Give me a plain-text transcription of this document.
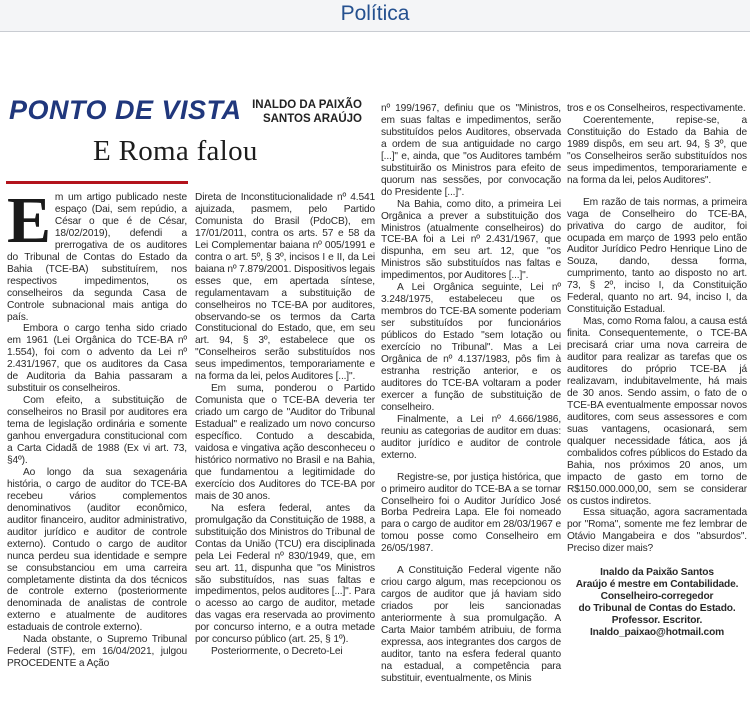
Política
PONTO DE VISTA INALDO DA PAIXÃO
SANTOS ARAÚJO
E Roma falou

Em um artigo publicado neste espaço (Dai, sem repúdio, a César o que é de César, 18/02/2019), defendi a prerrogativa de os auditores do Tribunal de Contas do Estado da Bahia (TCE-BA) substituírem, nos respectivos impedimentos, os conselheiros da segunda Casa de Controle subnacional mais antiga do país.

Embora o cargo tenha sido criado em 1961 (Lei Orgânica do TCE-BA nº 1.554), foi com o advento da Lei nº 2.431/1967, que os auditores da Casa de Auditoria da Bahia passaram a substituir os conselheiros.

Com efeito, a substituição de conselheiros no Brasil por auditores era tema de legislação ordinária e somente ganhou envergadura constitucional com a Carta Cidadã de 1988 (Ex vi art. 73, §4º).

Ao longo da sua sexagenária história, o cargo de auditor do TCE-BA recebeu vários complementos denominativos (auditor econômico, auditor financeiro, auditor administrativo, auditor jurídico e auditor de controle externo). Contudo o cargo de auditor nunca perdeu sua identidade e sempre se consubstanciou em uma carreira completamente distinta da dos técnicos de controle externo (posteriormente denominada de analistas de controle externo e atualmente de auditores estaduais de controle externo).

Nada obstante, o Supremo Tribunal Federal (STF), em 16/04/2021, julgou PROCEDENTE a Ação

Direta de Inconstitucionalidade nº 4.541 ajuizada, pasmem, pelo Partido Comunista do Brasil (PdoCB), em 17/01/2011, contra os arts. 57 e 58 da Lei Complementar baiana nº 005/1991 e contra o art. 5º, § 3º, incisos I e II, da Lei baiana nº 7.879/2001. Dispositivos legais esses que, em apertada síntese, regulamentavam a substituição de conselheiros no TCE-BA por auditores, observando-se os termos da Carta Constitucional do Estado, que, em seu art. 94, § 3º, estabelece que os "Conselheiros serão substituídos nos seus impedimentos, temporariamente e na forma da lei, pelos Auditores [...]".

Em suma, ponderou o Partido Comunista que o TCE-BA deveria ter criado um cargo de "Auditor do Tribunal Estadual" e realizado um novo concurso específico. Contudo a descabida, vaidosa e vingativa ação desconheceu o histórico normativo no Brasil e na Bahia, que fundamentou a legitimidade do exercício dos Auditores do TCE-BA por mais de 30 anos.

Na esfera federal, antes da promulgação da Constituição de 1988, a substituição dos Ministros do Tribunal de Contas da União (TCU) era disciplinada pela Lei Federal nº 830/1949, que, em seu art. 11, dispunha que "os Ministros são substituídos, nas suas faltas e impedimentos, pelos auditores [...]". Para o acesso ao cargo de auditor, metade das vagas era reservada ao provimento por concurso interno, e a outra metade por concurso público (art. 25, § 1º).

Posteriormente, o Decreto-Lei

nº 199/1967, definiu que os "Ministros, em suas faltas e impedimentos, serão substituídos pelos Auditores, observada a ordem de sua antiguidade no cargo [...]" e, ainda, que "os Auditores também substituirão os Ministros para efeito de quorum nas sessões, por convocação do Presidente [...]".

Na Bahia, como dito, a primeira Lei Orgânica a prever a substituição dos Ministros (atualmente conselheiros) do TCE-BA foi a Lei nº 2.431/1967, que dispunha, em seu art. 12, que "os Ministros são substituídos nas faltas e impedimentos, por Auditores [...]".

A Lei Orgânica seguinte, Lei nº 3.248/1975, estabeleceu que os membros do TCE-BA somente poderiam ser substituídos por funcionários públicos do Estado "sem lotação ou exercício no Tribunal". Mas a Lei Orgânica de nº 4.137/1983, pôs fim à estranha restrição anterior, e os auditores do TCE-BA voltaram a poder exercer a função de substituição de conselheiro.

Finalmente, a Lei nº 4.666/1986, reuniu as categorias de auditor em duas: auditor jurídico e auditor de controle externo.

Registre-se, por justiça histórica, que o primeiro auditor do TCE-BA a se tornar Conselheiro foi o Auditor Jurídico José Borba Pedreira Lapa. Ele foi nomeado para o cargo de auditor em 28/03/1967 e tomou posse como Conselheiro em 26/05/1987.

A Constituição Federal vigente não criou cargo algum, mas recepcionou os cargos de auditor que já haviam sido criados por leis sancionadas anteriormente à sua promulgação. A Carta Maior também atribuiu, de forma expressa, aos integrantes dos cargos de auditor, tanto na esfera federal quanto na estadual, a competência para substituir, eventualmente, os Minis

tros e os Conselheiros, respectivamente.

Coerentemente, repise-se, a Constituição do Estado da Bahia de 1989 dispôs, em seu art. 94, § 3º, que "os Conselheiros serão substituídos nos seus impedimentos, temporariamente e na forma da lei, pelos Auditores".

Em razão de tais normas, a primeira vaga de Conselheiro do TCE-BA, privativa do cargo de auditor, foi ocupada em março de 1993 pelo então Auditor Jurídico Pedro Henrique Lino de Souza, dando, dessa forma, cumprimento, tanto ao disposto no art. 73, § 2º, inciso I, da Constituição Federal, quanto no art. 94, inciso I, da Constituição Estadual.

Mas, como Roma falou, a causa está finita. Consequentemente, o TCE-BA precisará criar uma nova carreira de auditor para realizar as tarefas que os auditores do próprio TCE-BA já realizavam, indubitavelmente, há mais de 30 anos. Sendo assim, o fato de o TCE-BA eventualmente empossar novos auditores, com seus assessores e com suas vantagens, ocasionará, sem qualquer necessidade fática, aos já combalidos cofres públicos do Estado da Bahia, nos próximos 20 anos, um impacto de gasto em torno de R$150.000.000,00, sem se considerar os custos indiretos.

Essa situação, agora sacramentada por "Roma", somente me fez lembrar de Otávio Mangabeira e dos "absurdos". Preciso dizer mais?

Inaldo da Paixão Santos
Araújo é mestre em Contabilidade. Conselheiro-corregedor
do Tribunal de Contas do Estado. Professor. Escritor.
Inaldo_paixao@hotmail.com
